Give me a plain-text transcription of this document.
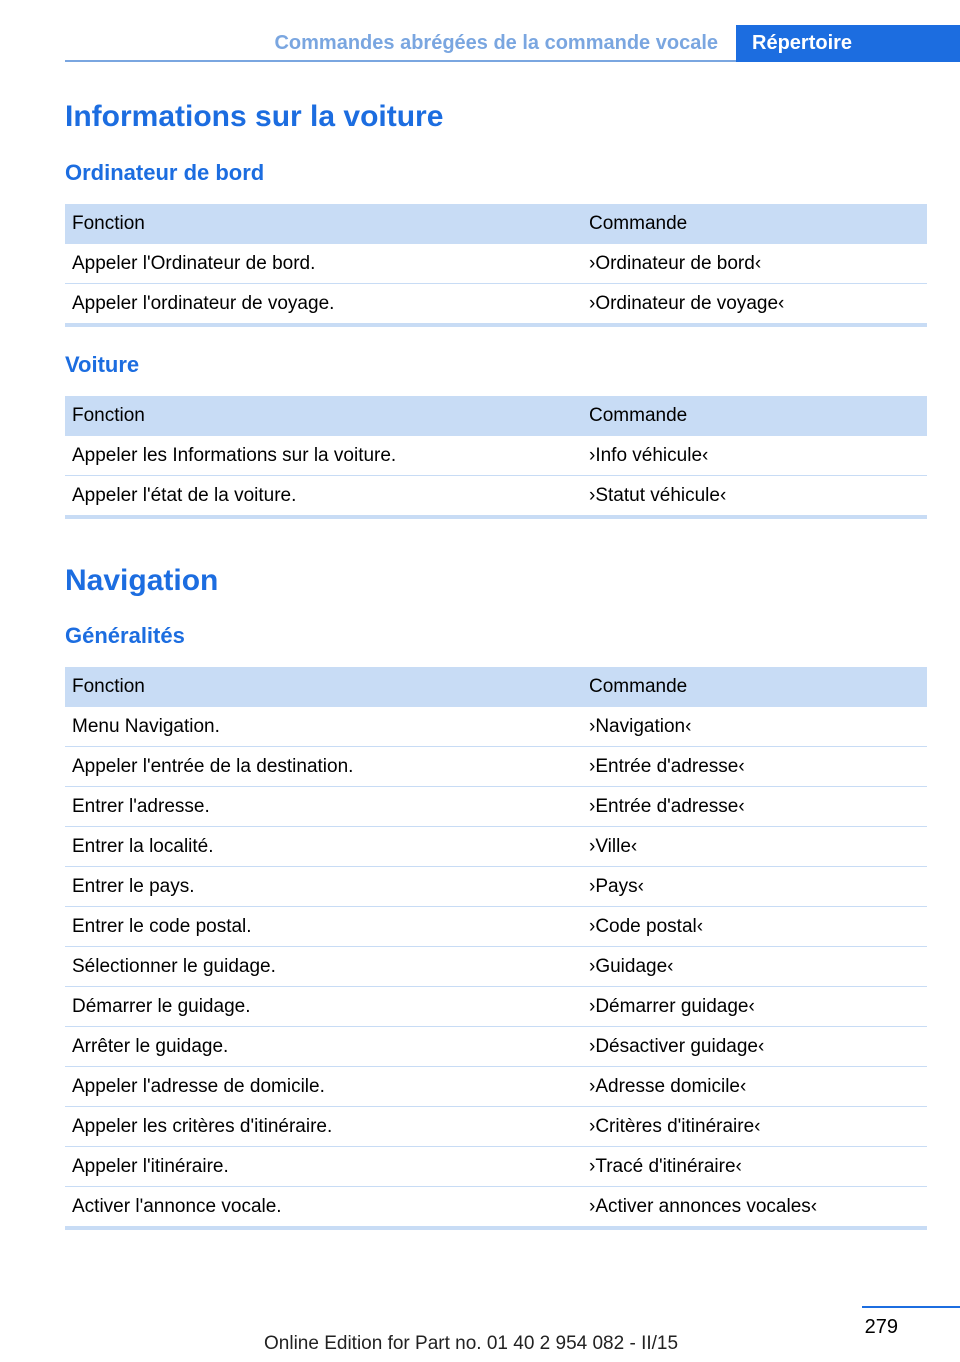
Commandes abrégées de la commande vocale	Répertoire
Informations sur la voiture
Ordinateur de bord
Fonction	Commande
Appeler l'Ordinateur de bord.	›Ordinateur de bord‹
Appeler l'ordinateur de voyage.	›Ordinateur de voyage‹
Voiture
Fonction	Commande
Appeler les Informations sur la voiture.	›Info véhicule‹
Appeler l'état de la voiture.	›Statut véhicule‹
Navigation
Généralités
Fonction	Commande
Menu Navigation.	›Navigation‹
Appeler l'entrée de la destination.	›Entrée d'adresse‹
Entrer l'adresse.	›Entrée d'adresse‹
Entrer la localité.	›Ville‹
Entrer le pays.	›Pays‹
Entrer le code postal.	›Code postal‹
Sélectionner le guidage.	›Guidage‹
Démarrer le guidage.	›Démarrer guidage‹
Arrêter le guidage.	›Désactiver guidage‹
Appeler l'adresse de domicile.	›Adresse domicile‹
Appeler les critères d'itinéraire.	›Critères d'itinéraire‹
Appeler l'itinéraire.	›Tracé d'itinéraire‹
Activer l'annonce vocale.	›Activer annonces vocales‹
279
Online Edition for Part no. 01 40 2 954 082 - II/15
